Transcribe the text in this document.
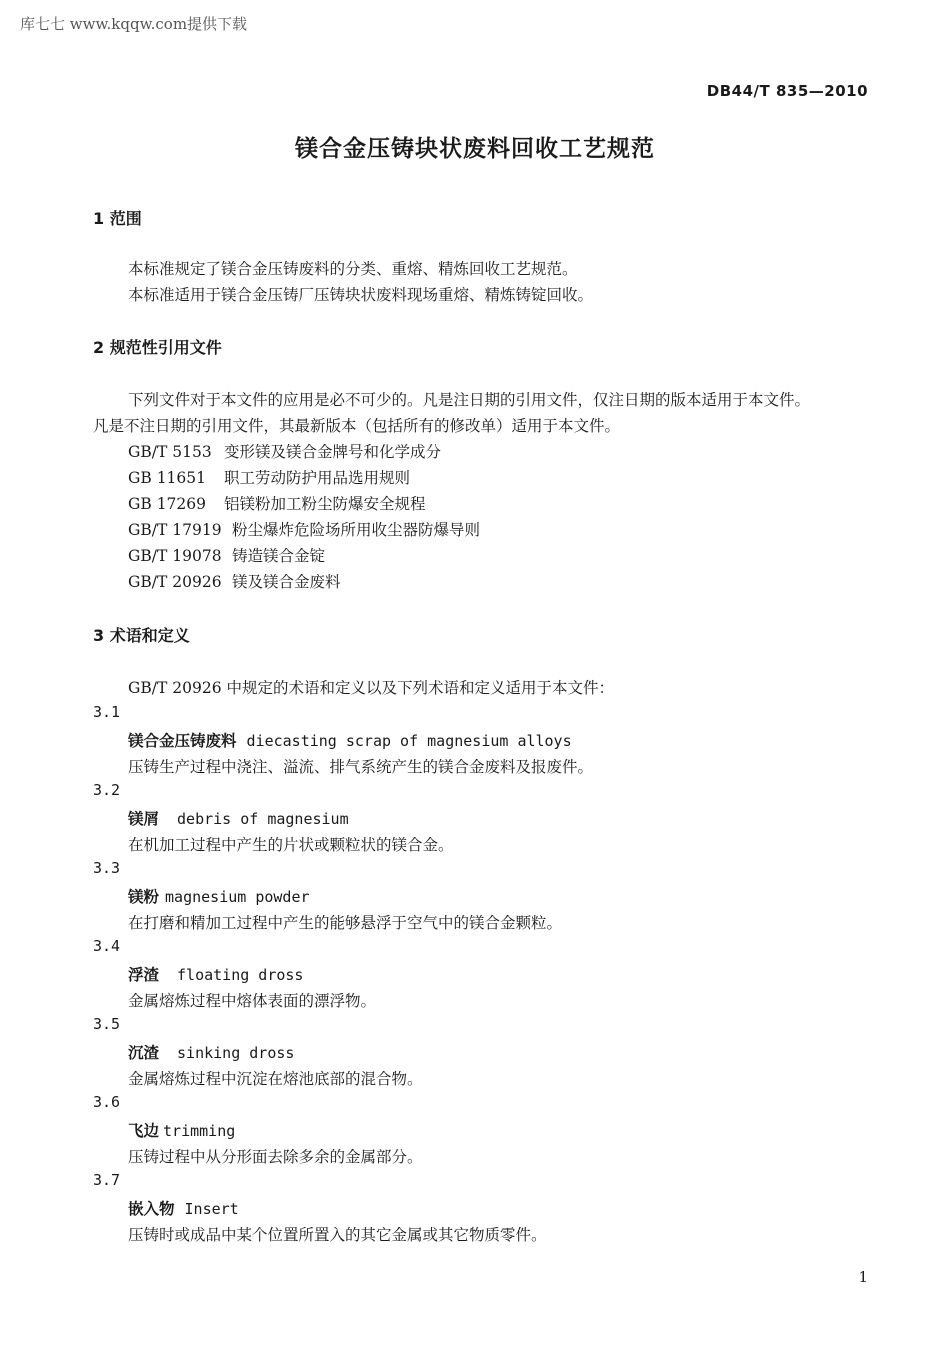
库七七 www.kqqw.com提供下载
DB44/T 835—2010
镁合金压铸块状废料回收工艺规范
1 范围
本标准规定了镁合金压铸废料的分类、重熔、精炼回收工艺规范。
本标准适用于镁合金压铸厂压铸块状废料现场重熔、精炼铸锭回收。
2 规范性引用文件
下列文件对于本文件的应用是必不可少的。凡是注日期的引用文件，仅注日期的版本适用于本文件。
凡是不注日期的引用文件，其最新版本（包括所有的修改单）适用于本文件。
GB/T 5153 变形镁及镁合金牌号和化学成分
GB 11651 职工劳动防护用品选用规则
GB 17269 铝镁粉加工粉尘防爆安全规程
GB/T 17919 粉尘爆炸危险场所用收尘器防爆导则
GB/T 19078 铸造镁合金锭
GB/T 20926 镁及镁合金废料
3 术语和定义
GB/T 20926 中规定的术语和定义以及下列术语和定义适用于本文件：
3.1
镁合金压铸废料 diecasting scrap of magnesium alloys
压铸生产过程中浇注、溢流、排气系统产生的镁合金废料及报废件。
3.2
镁屑 debris of magnesium
在机加工过程中产生的片状或颗粒状的镁合金。
3.3
镁粉 magnesium powder
在打磨和精加工过程中产生的能够悬浮于空气中的镁合金颗粒。
3.4
浮渣 floating dross
金属熔炼过程中熔体表面的漂浮物。
3.5
沉渣 sinking dross
金属熔炼过程中沉淀在熔池底部的混合物。
3.6
飞边 trimming
压铸过程中从分形面去除多余的金属部分。
3.7
嵌入物 Insert
压铸时或成品中某个位置所置入的其它金属或其它物质零件。
1
